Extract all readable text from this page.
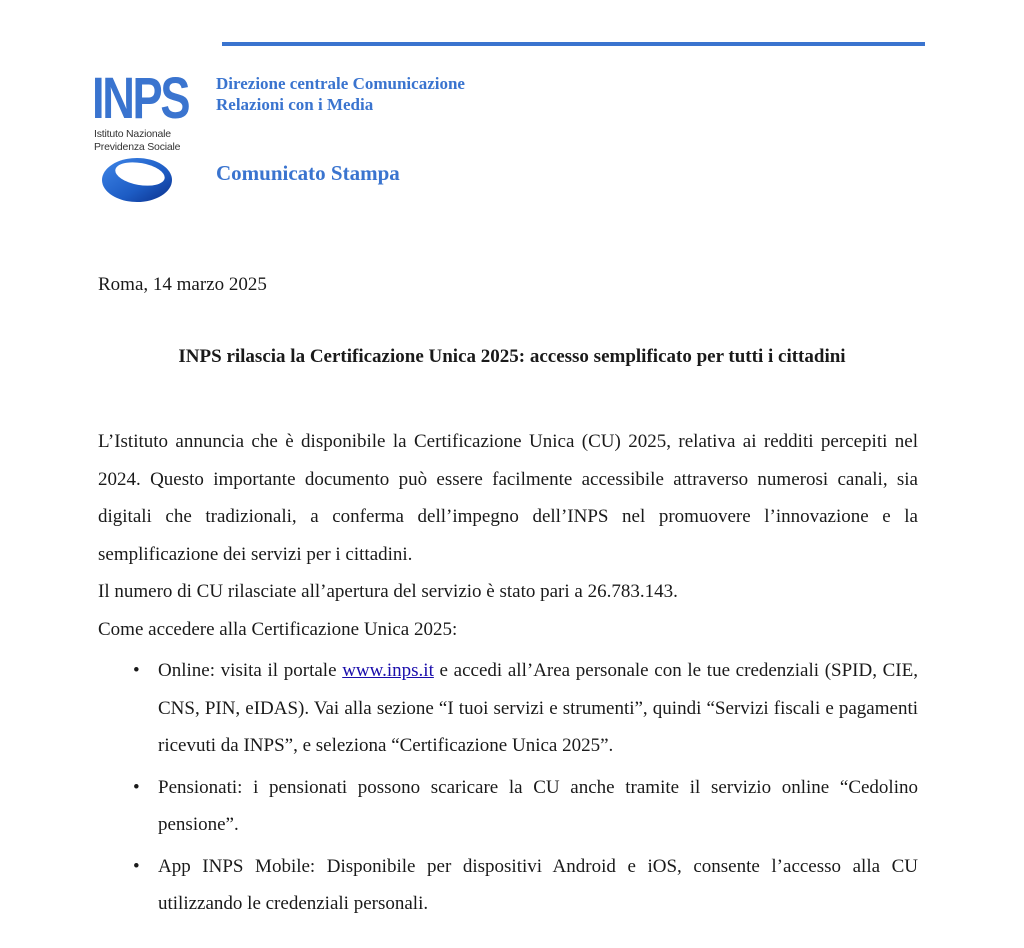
INPS
Istituto Nazionale
Previdenza Sociale
Direzione centrale Comunicazione
Relazioni con i Media
Comunicato Stampa
Roma, 14 marzo 2025
INPS rilascia la Certificazione Unica 2025: accesso semplificato per tutti i cittadini

L’Istituto annuncia che è disponibile la Certificazione Unica (CU) 2025, relativa ai redditi percepiti nel 2024. Questo importante documento può essere facilmente accessibile attraverso numerosi canali, sia digitali che tradizionali, a conferma dell’impegno dell’INPS nel promuovere l’innovazione e la semplificazione dei servizi per i cittadini.

Il numero di CU rilasciate all’apertura del servizio è stato pari a 26.783.143.

Come accedere alla Certificazione Unica 2025:

• Online: visita il portale www.inps.it e accedi all’Area personale con le tue credenziali (SPID, CIE, CNS, PIN, eIDAS). Vai alla sezione “I tuoi servizi e strumenti”, quindi “Servizi fiscali e pagamenti ricevuti da INPS”, e seleziona “Certificazione Unica 2025”.
• Pensionati: i pensionati possono scaricare la CU anche tramite il servizio online “Cedolino pensione”.
• App INPS Mobile: Disponibile per dispositivi Android e iOS, consente l’accesso alla CU utilizzando le credenziali personali.
